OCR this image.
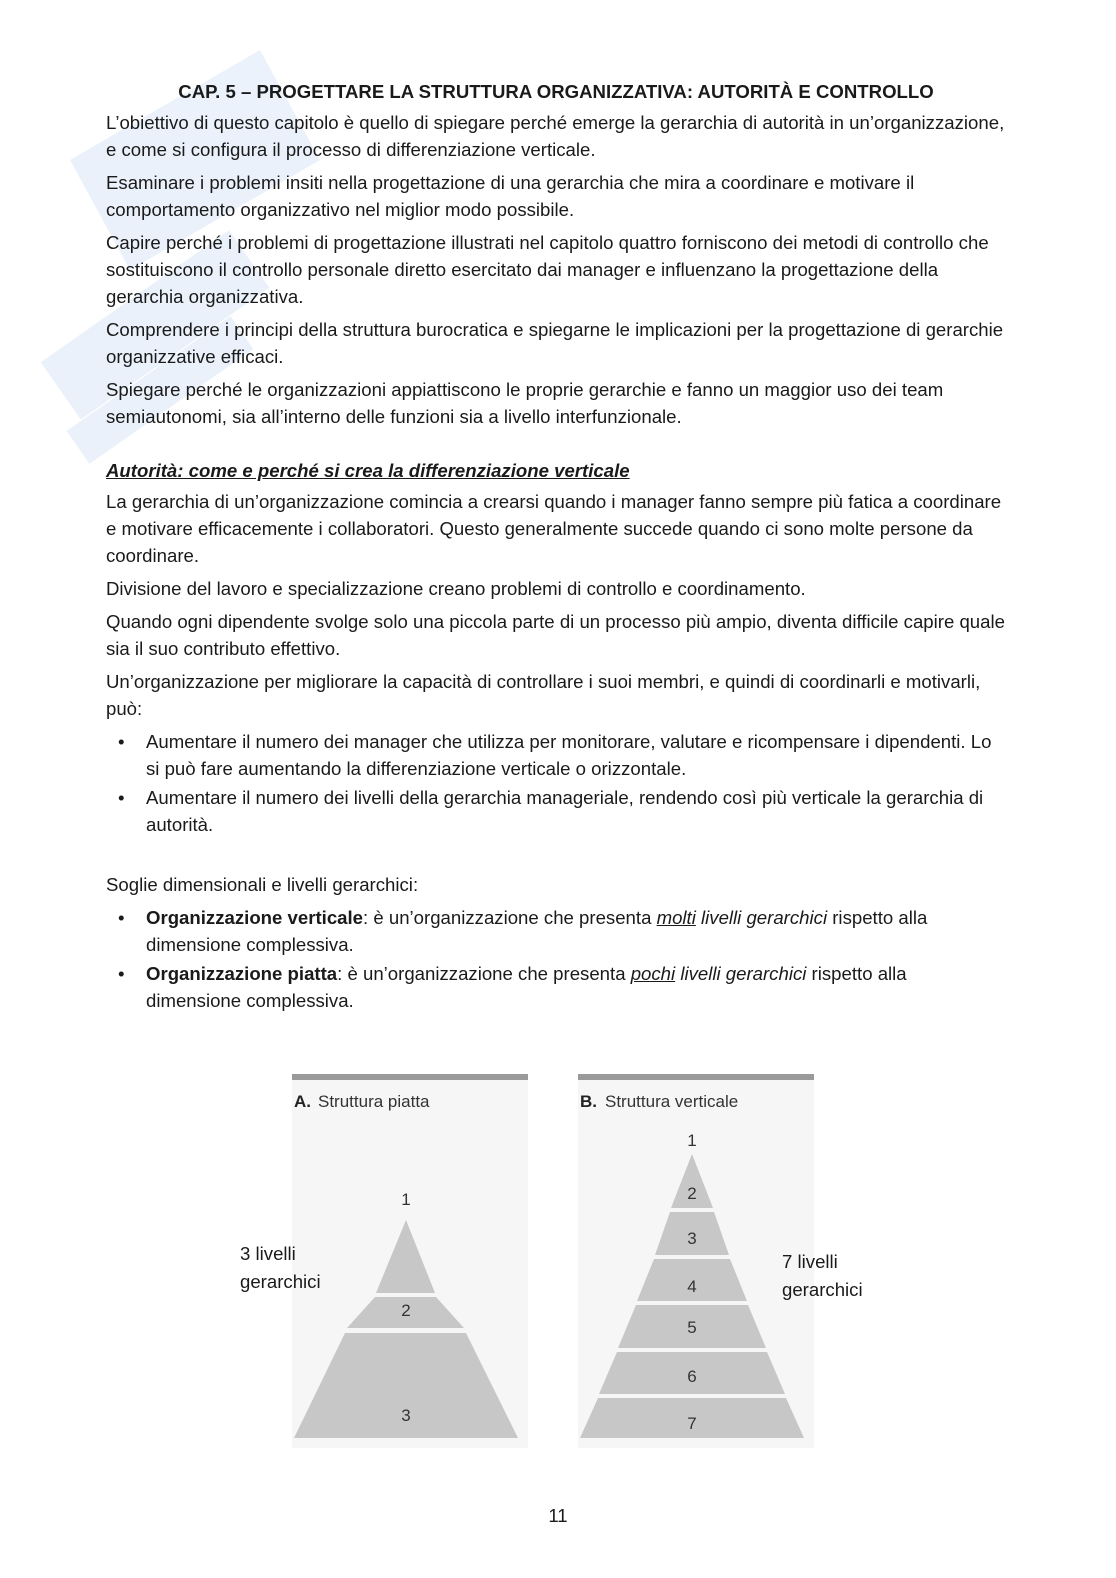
CAP. 5 – PROGETTARE LA STRUTTURA ORGANIZZATIVA: AUTORITÀ E CONTROLLO

L’obiettivo di questo capitolo è quello di spiegare perché emerge la gerarchia di autorità in un’organizzazione, e come si configura il processo di differenziazione verticale.

Esaminare i problemi insiti nella progettazione di una gerarchia che mira a coordinare e motivare il comportamento organizzativo nel miglior modo possibile.

Capire perché i problemi di progettazione illustrati nel capitolo quattro forniscono dei metodi di controllo che sostituiscono il controllo personale diretto esercitato dai manager e influenzano la progettazione della gerarchia organizzativa.

Comprendere i principi della struttura burocratica e spiegarne le implicazioni per la progettazione di gerarchie organizzative efficaci.

Spiegare perché le organizzazioni appiattiscono le proprie gerarchie e fanno un maggior uso dei team semiautonomi, sia all’interno delle funzioni sia a livello interfunzionale.

Autorità: come e perché si crea la differenziazione verticale

La gerarchia di un’organizzazione comincia a crearsi quando i manager fanno sempre più fatica a coordinare e motivare efficacemente i collaboratori. Questo generalmente succede quando ci sono molte persone da coordinare.

Divisione del lavoro e specializzazione creano problemi di controllo e coordinamento.

Quando ogni dipendente svolge solo una piccola parte di un processo più ampio, diventa difficile capire quale sia il suo contributo effettivo.

Un’organizzazione per migliorare la capacità di controllare i suoi membri, e quindi di coordinarli e motivarli, può:

• Aumentare il numero dei manager che utilizza per monitorare, valutare e ricompensare i dipendenti. Lo si può fare aumentando la differenziazione verticale o orizzontale.
• Aumentare il numero dei livelli della gerarchia manageriale, rendendo così più verticale la gerarchia di autorità.

Soglie dimensionali e livelli gerarchici:

• Organizzazione verticale: è un’organizzazione che presenta molti livelli gerarchici rispetto alla dimensione complessiva.
• Organizzazione piatta: è un’organizzazione che presenta pochi livelli gerarchici rispetto alla dimensione complessiva.
A. Struttura piatta	B. Struttura verticale
1
2
3
3 livelli
gerarchici
1
2
3
4
5
6
7
7 livelli
gerarchici
11
